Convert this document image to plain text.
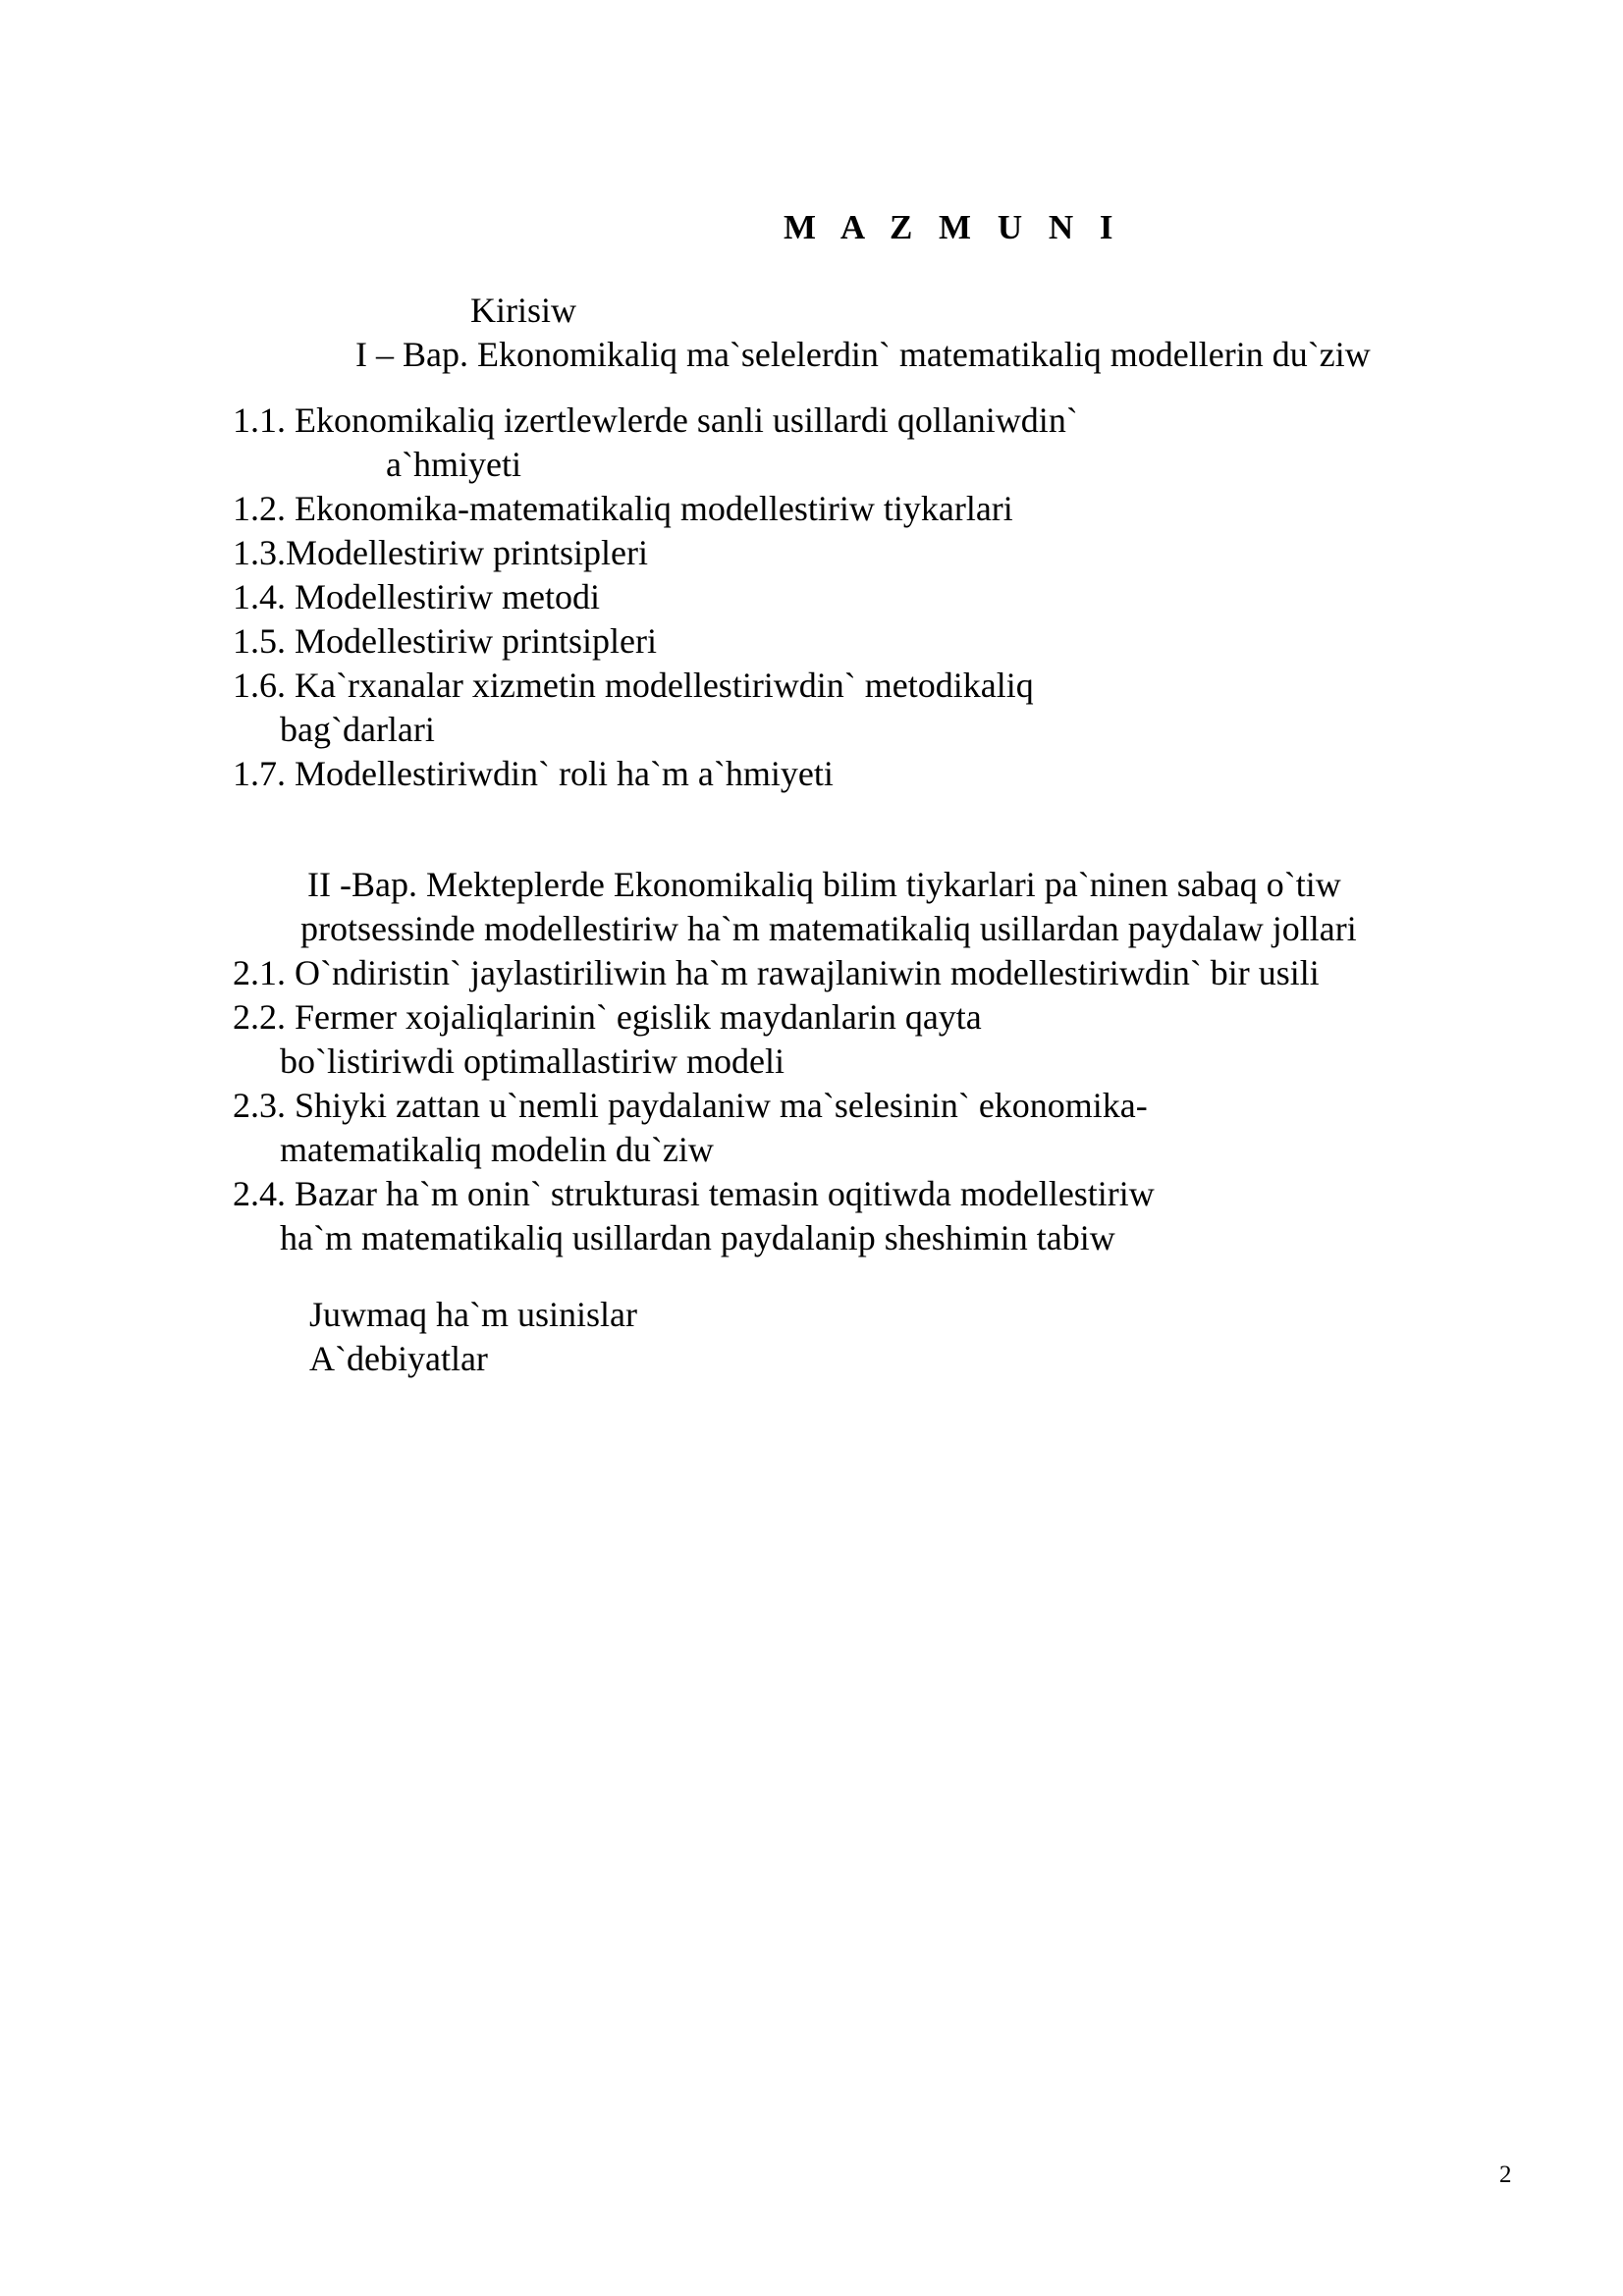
M A Z M U N I
Kirisiw
I – Bap. Ekonomikaliq ma`selelerdin` matematikaliq modellerin du`ziw
1.1. Ekonomikaliq izertlewlerde sanli usillardi qollaniwdin`
a`hmiyeti
1.2. Ekonomika-matematikaliq modellestiriw tiykarlari
1.3.Modellestiriw printsipleri
1.4. Modellestiriw metodi
1.5. Modellestiriw printsipleri
1.6. Ka`rxanalar xizmetin modellestiriwdin` metodikaliq
bag`darlari
1.7. Modellestiriwdin` roli ha`m a`hmiyeti
II -Bap. Mekteplerde Ekonomikaliq bilim tiykarlari pa`ninen sabaq o`tiw
protsessinde modellestiriw ha`m matematikaliq usillardan paydalaw jollari
2.1. O`ndiristin` jaylastiriliwin ha`m rawajlaniwin modellestiriwdin` bir usili
2.2. Fermer xojaliqlarinin` egislik maydanlarin qayta
bo`listiriwdi optimallastiriw modeli
2.3. Shiyki zattan u`nemli paydalaniw ma`selesinin` ekonomika-
matematikaliq modelin du`ziw
2.4. Bazar ha`m onin` strukturasi temasin oqitiwda modellestiriw
ha`m matematikaliq usillardan paydalanip sheshimin tabiw
Juwmaq ha`m usinislar
A`debiyatlar
2
